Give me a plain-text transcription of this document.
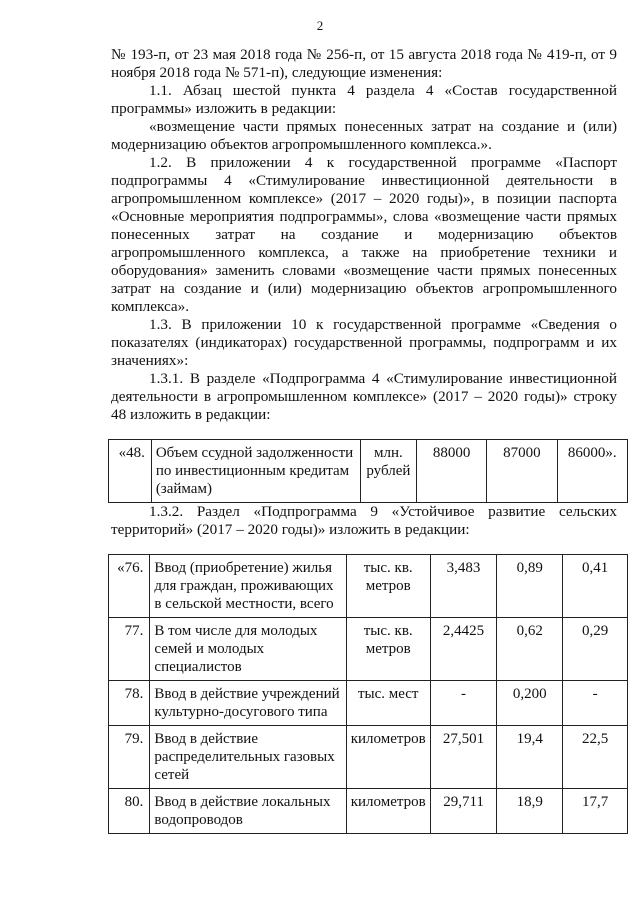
2

№ 193-п, от 23 мая 2018 года № 256-п, от 15 августа 2018 года № 419-п, от 9 ноября 2018 года № 571-п), следующие изменения:

1.1. Абзац шестой пункта 4 раздела 4 «Состав государственной программы» изложить в редакции:

«возмещение части прямых понесенных затрат на создание и (или) модернизацию объектов агропромышленного комплекса.».

1.2. В приложении 4 к государственной программе «Паспорт подпрограммы 4 «Стимулирование инвестиционной деятельности в агропромышленном комплексе» (2017 – 2020 годы)», в позиции паспорта «Основные мероприятия подпрограммы», слова «возмещение части прямых понесенных затрат на создание и модернизацию объектов агропромышленного комплекса, а также на приобретение техники и оборудования» заменить словами «возмещение части прямых понесенных затрат на создание и (или) модернизацию объектов агропромышленного комплекса».

1.3. В приложении 10 к государственной программе «Сведения о показателях (индикаторах) государственной программы, подпрограмм и их значениях»:

1.3.1. В разделе «Подпрограмма 4 «Стимулирование инвестиционной деятельности в агропромышленном комплексе» (2017 – 2020 годы)» строку 48 изложить в редакции:

«48.	Объем ссудной задолженности по инвестиционным кредитам (займам)	млн. рублей	88000	87000	86000».

1.3.2. Раздел «Подпрограмма 9 «Устойчивое развитие сельских территорий» (2017 – 2020 годы)» изложить в редакции:

«76.	Ввод (приобретение) жилья для граждан, проживающих в сельской местности, всего	тыс. кв. метров	3,483	0,89	0,41
77.	В том числе для молодых семей и молодых специалистов	тыс. кв. метров	2,4425	0,62	0,29
78.	Ввод в действие учреждений культурно-досугового типа	тыс. мест	-	0,200	-
79.	Ввод в действие распределительных газовых сетей	километров	27,501	19,4	22,5
80.	Ввод в действие локальных водопроводов	километров	29,711	18,9	17,7
